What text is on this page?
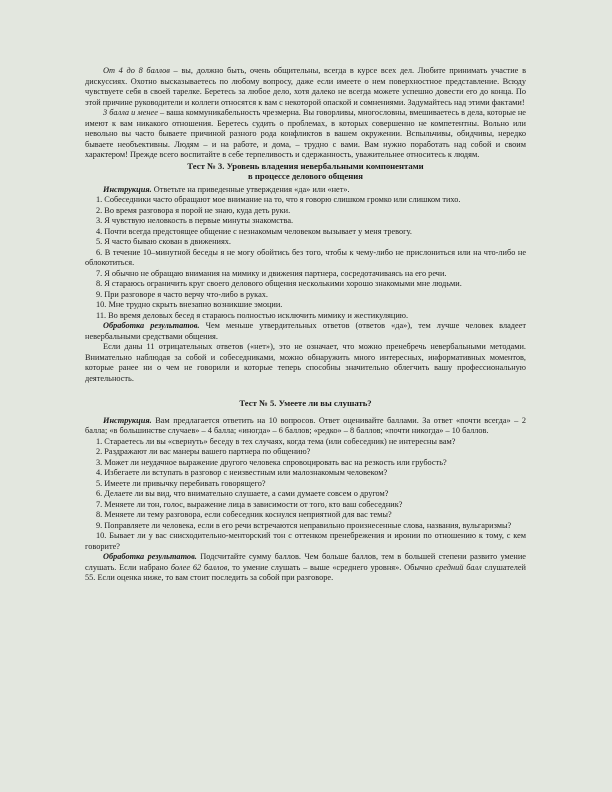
От 4 до 8 баллов – вы, должно быть, очень общительны, всегда в курсе всех дел. Любите принимать участие в дискуссиях. Охотно высказываетесь по любому вопросу, даже если имеете о нем поверхностное представление. Всюду чувствуете себя в своей тарелке. Беретесь за любое дело, хотя далеко не всегда можете успешно довести его до конца. По этой причине руководители и коллеги относятся к вам с некоторой опаской и сомнениями. Задумайтесь над этими фактами!

3 балла и менее – ваша коммуникабельность чрезмерна. Вы говорливы, многословны, вмешиваетесь в дела, которые не имеют к вам никакого отношения. Беретесь судить о проблемах, в которых совершенно не компетентны. Вольно или невольно вы часто бываете причиной разного рода конфликтов в вашем окружении. Вспыльчивы, обидчивы, нередко бываете необъективны. Людям – и на работе, и дома, – трудно с вами. Вам нужно поработать над собой и своим характером! Прежде всего воспитайте в себе терпеливость и сдержанность, уважительнее относитесь к людям.

Тест № 3. Уровень владения невербальными компонентами

в процессе делового общения

Инструкция. Ответьте на приведенные утверждения «да» или «нет».

1. Собеседники часто обращают мое внимание на то, что я говорю слишком громко или слишком тихо.

2. Во время разговора я порой не знаю, куда деть руки.

3. Я чувствую неловкость в первые минуты знакомства.

4. Почти всегда предстоящее общение с незнакомым человеком вызывает у меня тревогу.

5. Я часто бываю скован в движениях.

6. В течение 10–минутной беседы я не могу обойтись без того, чтобы к чему-либо не прислониться или на что-либо не облокотиться.

7. Я обычно не обращаю внимания на мимику и движения партнера, сосредотачиваясь на его речи.

8. Я стараюсь ограничить круг своего делового общения несколькими хорошо знакомыми мне людьми.

9. При разговоре я часто верчу что-либо в руках.

10. Мне трудно скрыть внезапно возникшие эмоции.

11. Во время деловых бесед я стараюсь полностью исключить мимику и жестикуляцию.

Обработка результатов. Чем меньше утвердительных ответов (ответов «да»), тем лучше человек владеет невербальными средствами общения.

Если даны 11 отрицательных ответов («нет»), это не означает, что можно пренебречь невербальными методами. Внимательно наблюдая за собой и собеседниками, можно обнаружить много интересных, информативных моментов, которые ранее ни о чем не говорили и которые теперь способны значительно облегчить вашу профессиональную деятельность.

Тест № 5. Умеете ли вы слушать?

Инструкция. Вам предлагается ответить на 10 вопросов. Ответ оценивайте баллами. За ответ «почти всегда» – 2 балла; «в большинстве случаев» – 4 балла; «иногда» – 6 баллов; «редко» – 8 баллов; «почти никогда» – 10 баллов.

1. Стараетесь ли вы «свернуть» беседу в тех случаях, когда тема (или собеседник) не интересны вам?

2. Раздражают ли вас манеры вашего партнера по общению?

3. Может ли неудачное выражение другого человека спровоцировать вас на резкость или грубость?

4. Избегаете ли вступать в разговор с неизвестным или малознакомым человеком?

5. Имеете ли привычку перебивать говорящего?

6. Делаете ли вы вид, что внимательно слушаете, а сами думаете совсем о другом?

7. Меняете ли тон, голос, выражение лица в зависимости от того, кто ваш собеседник?

8. Меняете ли тему разговора, если собеседник коснулся неприятной для вас темы?

9. Поправляете ли человека, если в его речи встречаются неправильно произнесенные слова, названия, вульгаризмы?

10. Бывает ли у вас снисходительно-менторский тон с оттенком пренебрежения и иронии по отношению к тому, с кем говорите?

Обработка результатов. Подсчитайте сумму баллов. Чем больше баллов, тем в большей степени развито умение слушать. Если набрано более 62 баллов, то умение слушать – выше «среднего уровня». Обычно средний балл слушателей 55. Если оценка ниже, то вам стоит последить за собой при разговоре.
